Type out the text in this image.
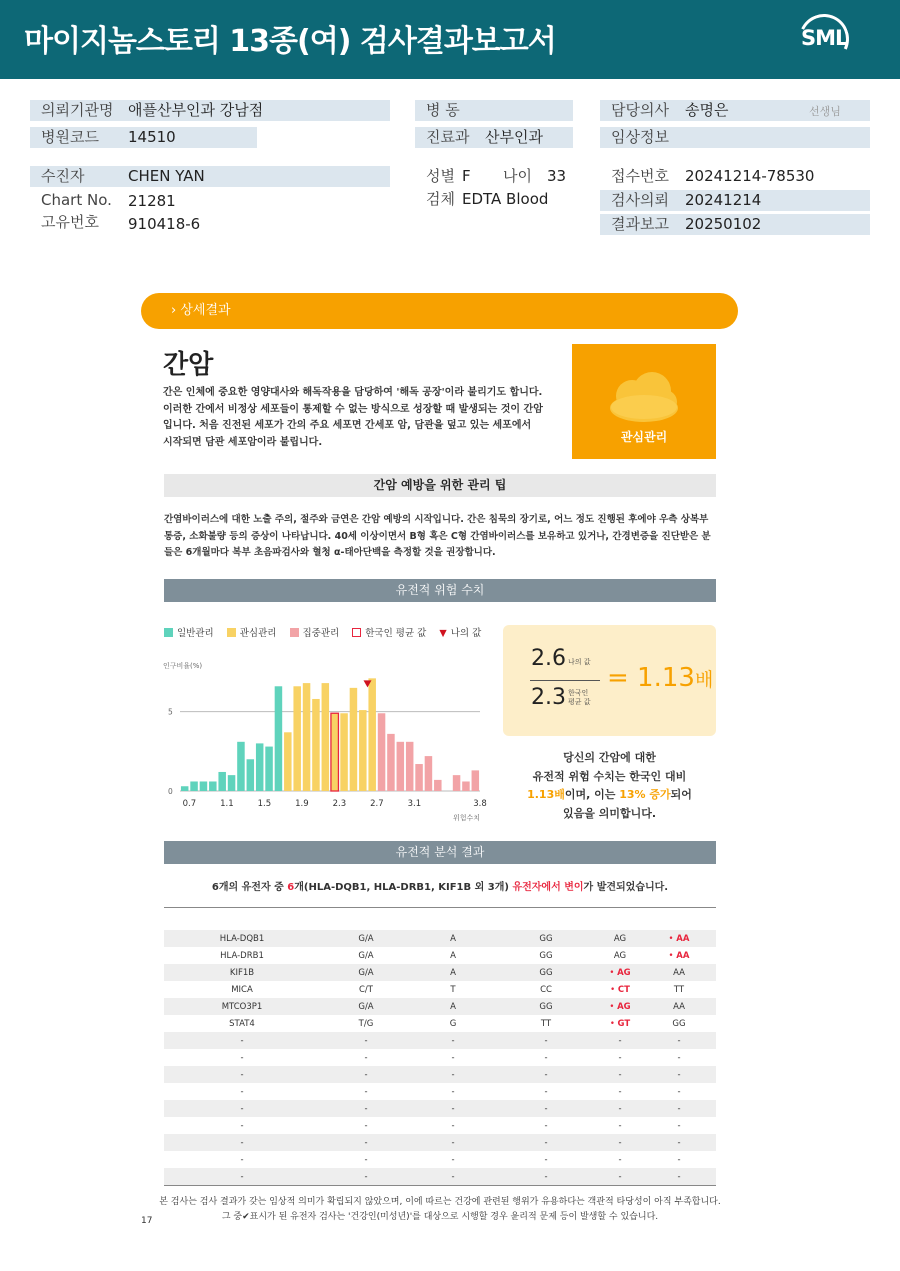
마이지놈스토리 13종(여) 검사결과보고서	SML
의뢰기관명 애플산부인과 강남점
병원코드	14510
병 동
진료과	산부인과
담당의사	송명은	선생님
임상정보
수진자	CHEN YAN
Chart No. 21281
고유번호 910418-6
성별 F 나이 33
검체 EDTA Blood
접수번호 20241214-78530
검사의뢰	20241214
결과보고	20250102
› 상세결과
간암
간은 인체에 중요한 영양대사와 해독작용을 담당하여 '해독 공장'이라 불리기도 합니다. 이러한 간에서 비정상 세포들이 통제할 수 없는 방식으로 성장할 때 발생되는 것이 간암입니다. 처음 진전된 세포가 간의 주요 세포면 간세포 암, 담관을 덮고 있는 세포에서 시작되면 담관 세포암이라 불립니다.	관심관리
간암 예방을 위한 관리 팁
간염바이러스에 대한 노출 주의, 절주와 금연은 간암 예방의 시작입니다. 간은 침묵의 장기로, 어느 정도 진행된 후에야 우측 상복부 통증, 소화불량 등의 증상이 나타납니다. 40세 이상이면서 B형 혹은 C형 간염바이러스를 보유하고 있거나, 간경변증을 진단받은 분들은 6개월마다 복부 초음파검사와 혈청 α-태아단백을 측정할 것을 권장합니다.
유전적 위험 수치
일반관리	관심관리	집중관리	한국인 평균 값 ▼ 나의 값
인구비율(%)
0
5
0.7	1.1	1.5	1.9	2.3	2.7	3.1	3.8
위험수치
2.6 나의 값
2.3 한국인
평균 값
= 1.13배
당신의 간암에 대한
유전적 위험 수치는 한국인 대비
1.13배이며, 이는 13% 증가되어
있음을 의미합니다.
유전적 분석 결과
6개의 유전자 중 6개(HLA-DQB1, HLA-DRB1, KIF1B 외 3개) 유전자에서 변이가 발견되었습니다.
HLA-DQB1	G/A	A	GG	AG	• AA
HLA-DRB1	G/A	A	GG	AG	• AA
KIF1B	G/A	A	GG	• AG	AA
MICA	C/T	T	CC	• CT	TT
MTCO3P1	G/A	A	GG	• AG	AA
STAT4	T/G	G	TT	• GT	GG
-	-	-	-	-	-
-	-	-	-	-	-
-	-	-	-	-	-
-	-	-	-	-	-
-	-	-	-	-	-
-	-	-	-	-	-
-	-	-	-	-	-
-	-	-	-	-	-
-	-	-	-	-	-
본 검사는 검사 결과가 갖는 임상적 의미가 확립되지 않았으며, 이에 따르는 건강에 관련된 행위가 유용하다는 객관적 타당성이 아직 부족합니다.
그 중✔표시가 된 유전자 검사는 '건강인(미성년)'를 대상으로 시행할 경우 윤리적 문제 등이 발생할 수 있습니다.
17
